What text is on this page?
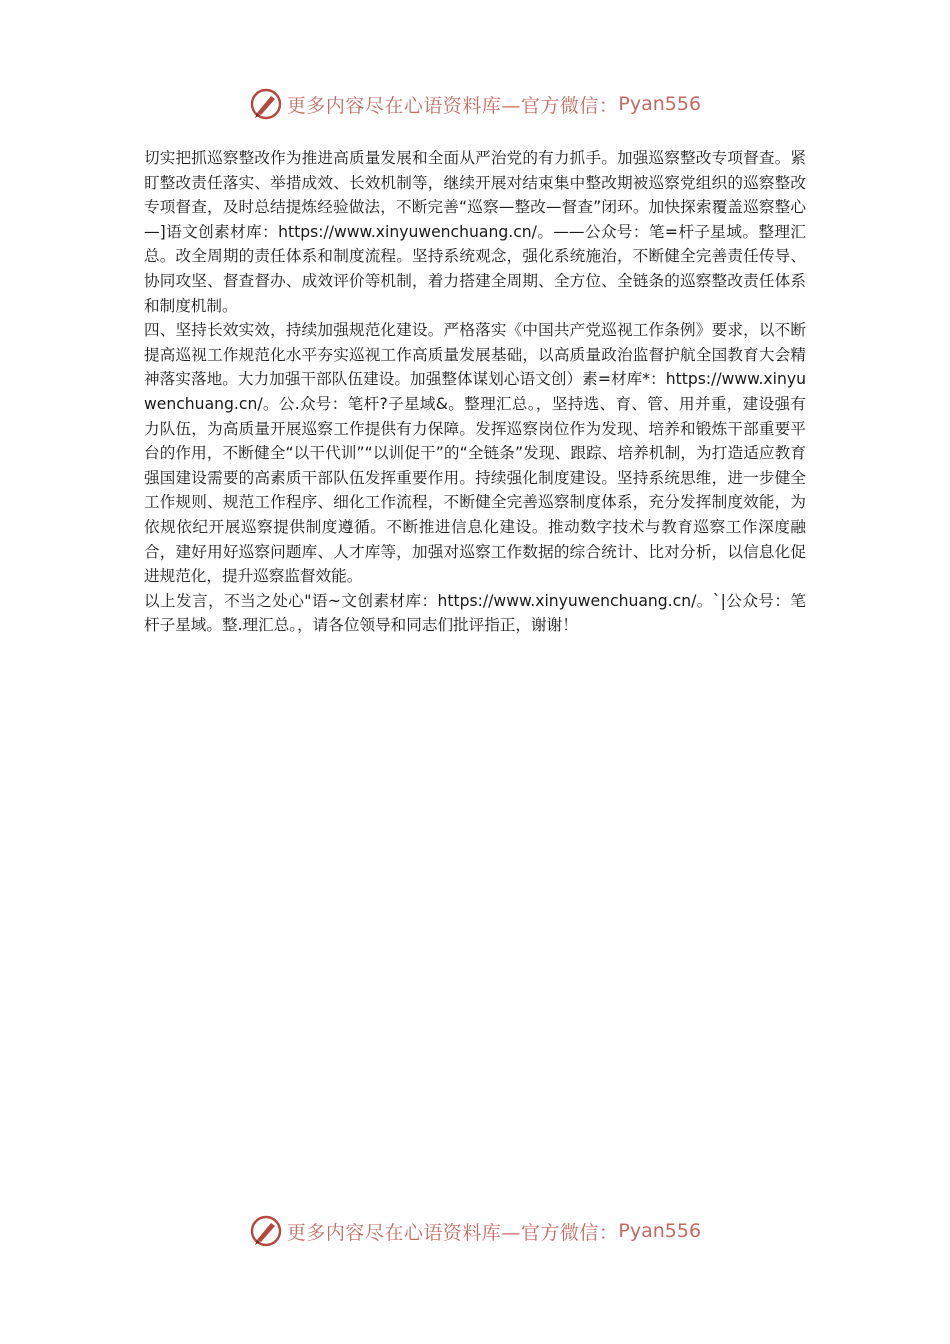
更多内容尽在心语资料库—官方微信： Pyan556

切实把抓巡察整改作为推进高质量发展和全面从严治党的有力抓手。加强巡察整改专项督查。紧盯整改责任落实、举措成效、长效机制等，继续开展对结束集中整改期被巡察党组织的巡察整改专项督查，及时总结提炼经验做法，不断完善“巡察—整改—督查”闭环。加快探索覆盖巡察整心—]语文创素材库：https://www.xinyuwenchuang.cn/。——公众号：笔=杆子星域。整理汇总。改全周期的责任体系和制度流程。坚持系统观念，强化系统施治，不断健全完善责任传导、协同攻坚、督查督办、成效评价等机制，着力搭建全周期、全方位、全链条的巡察整改责任体系和制度机制。

四、坚持长效实效，持续加强规范化建设。严格落实《中国共产党巡视工作条例》要求，以不断提高巡视工作规范化水平夯实巡视工作高质量发展基础，以高质量政治监督护航全国教育大会精神落实落地。大力加强干部队伍建设。加强整体谋划心语文创）素=材库*：https://www.xinyuwenchuang.cn/。公.众号：笔杆?子星域&。整理汇总。，坚持选、育、管、用并重，建设强有力队伍，为高质量开展巡察工作提供有力保障。发挥巡察岗位作为发现、培养和锻炼干部重要平台的作用，不断健全“以干代训”“以训促干”的“全链条”发现、跟踪、培养机制，为打造适应教育强国建设需要的高素质干部队伍发挥重要作用。持续强化制度建设。坚持系统思维，进一步健全工作规则、规范工作程序、细化工作流程，不断健全完善巡察制度体系，充分发挥制度效能，为依规依纪开展巡察提供制度遵循。不断推进信息化建设。推动数字技术与教育巡察工作深度融合，建好用好巡察问题库、人才库等，加强对巡察工作数据的综合统计、比对分析，以信息化促进规范化，提升巡察监督效能。

以上发言，不当之处心"语~文创素材库：https://www.xinyuwenchuang.cn/。`|公众号：笔杆子星域。整.理汇总。，请各位领导和同志们批评指正，谢谢！

更多内容尽在心语资料库—官方微信： Pyan556
